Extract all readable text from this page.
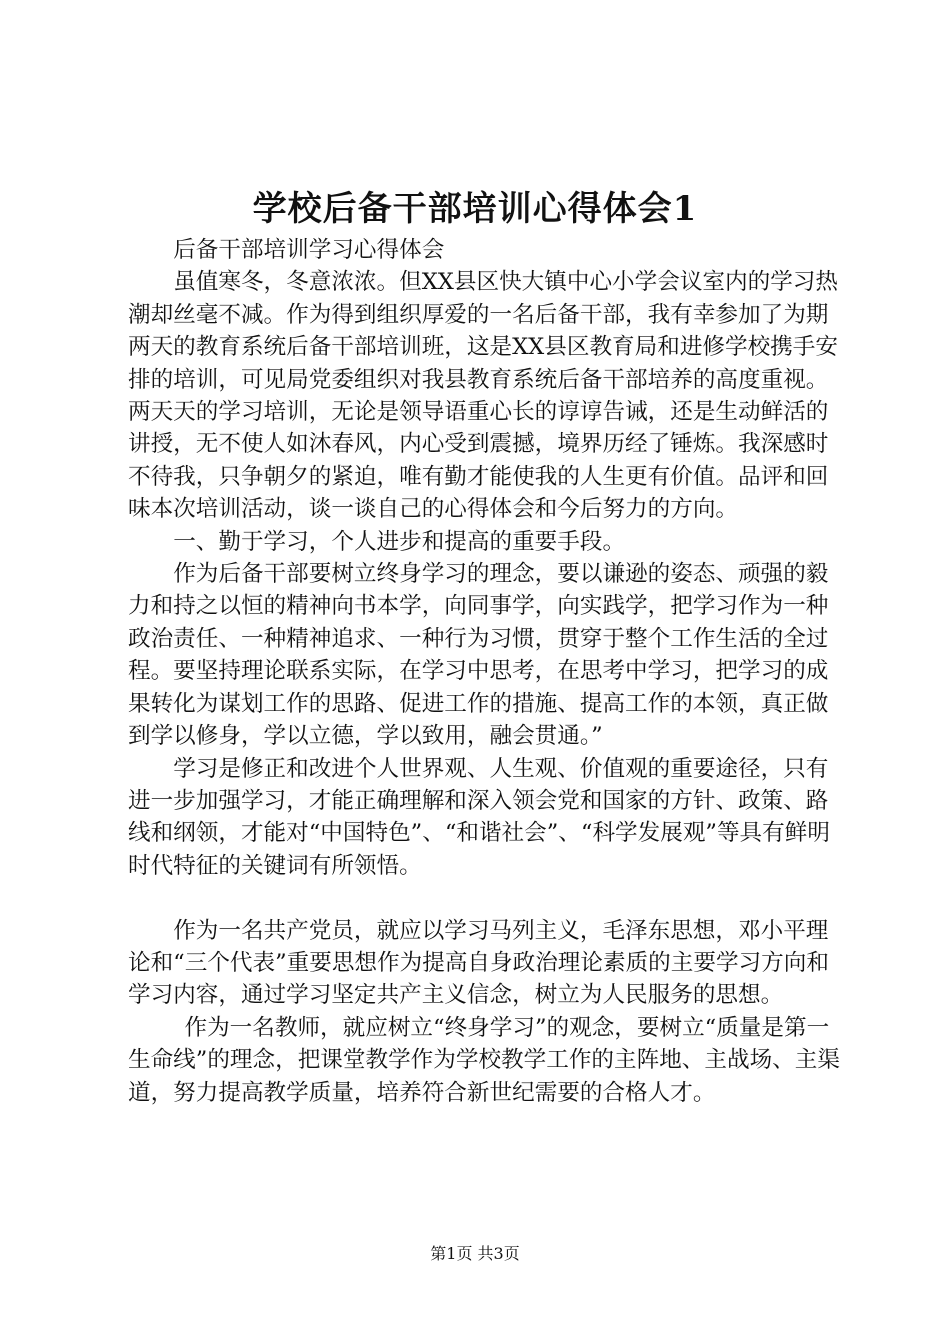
学校后备干部培训心得体会1

后备干部培训学习心得体会

虽值寒冬，冬意浓浓。但XX县区快大镇中心小学会议室内的学习热潮却丝毫不减。作为得到组织厚爱的一名后备干部，我有幸参加了为期两天的教育系统后备干部培训班，这是XX县区教育局和进修学校携手安排的培训，可见局党委组织对我县教育系统后备干部培养的高度重视。两天天的学习培训，无论是领导语重心长的谆谆告诫，还是生动鲜活的讲授，无不使人如沐春风，内心受到震撼，境界历经了锤炼。我深感时不待我，只争朝夕的紧迫，唯有勤才能使我的人生更有价值。品评和回味本次培训活动，谈一谈自己的心得体会和今后努力的方向。

一、勤于学习，个人进步和提高的重要手段。

作为后备干部要树立终身学习的理念，要以谦逊的姿态、顽强的毅力和持之以恒的精神向书本学，向同事学，向实践学，把学习作为一种政治责任、一种精神追求、一种行为习惯，贯穿于整个工作生活的全过程。要坚持理论联系实际，在学习中思考，在思考中学习，把学习的成果转化为谋划工作的思路、促进工作的措施、提高工作的本领，真正做到学以修身，学以立德，学以致用，融会贯通。”

学习是修正和改进个人世界观、人生观、价值观的重要途径，只有进一步加强学习，才能正确理解和深入领会党和国家的方针、政策、路线和纲领，才能对“中国特色”、“和谐社会”、“科学发展观”等具有鲜明时代特征的关键词有所领悟。

作为一名共产党员，就应以学习马列主义，毛泽东思想，邓小平理论和“三个代表”重要思想作为提高自身政治理论素质的主要学习方向和学习内容，通过学习坚定共产主义信念，树立为人民服务的思想。

作为一名教师，就应树立“终身学习”的观念，要树立“质量是第一生命线”的理念，把课堂教学作为学校教学工作的主阵地、主战场、主渠道，努力提高教学质量，培养符合新世纪需要的合格人才。

第1页 共3页
